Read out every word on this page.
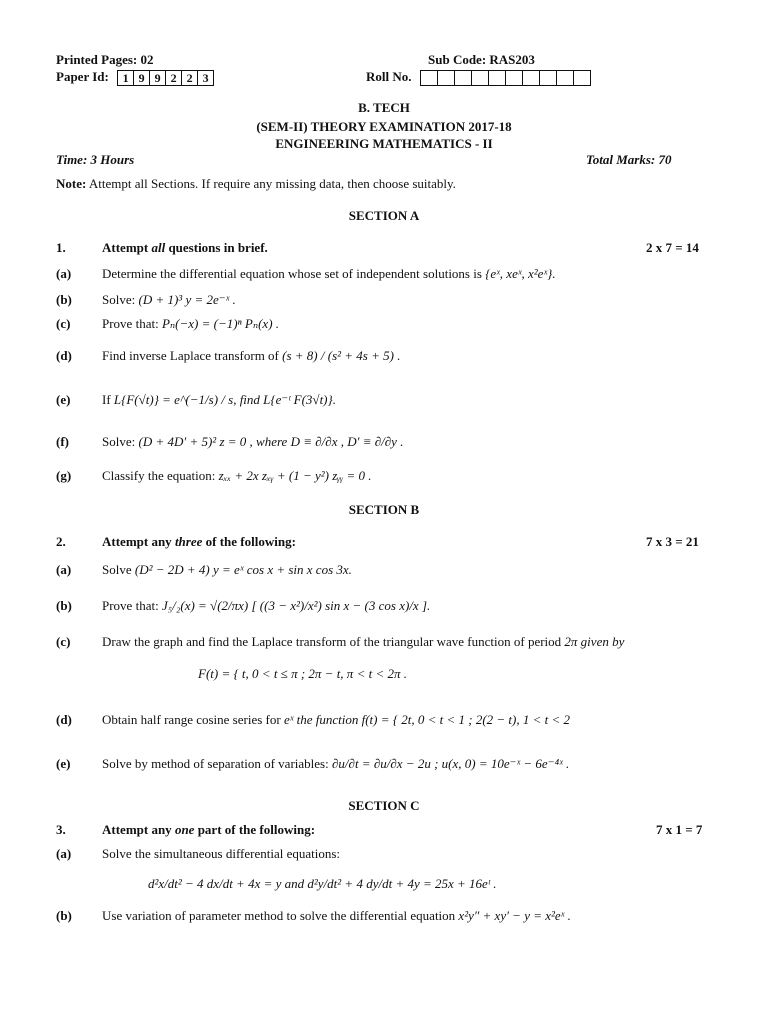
Printed Pages: 02	Sub Code: RAS203
Paper Id:	1 9 9 2 2 3	Roll No.
B. TECH
(SEM-II) THEORY EXAMINATION 2017-18
ENGINEERING MATHEMATICS - II
Time: 3 Hours	Total Marks: 70
Note: Attempt all Sections. If require any missing data, then choose suitably.
SECTION A
1.	Attempt all questions in brief.	2 x 7 = 14
(a) Determine the differential equation whose set of independent solutions is {eˣ, xeˣ, x²eˣ}.
(b) Solve: (D + 1)³ y = 2e⁻ˣ .
(c) Prove that: Pₙ(−x) = (−1)ⁿ Pₙ(x) .
(d) Find inverse Laplace transform of (s + 8) / (s² + 4s + 5) .
(e) If L{F(√t)} = e^(−1/s) / s, find L{e⁻ᵗ F(3√t)}.
(f)	Solve: (D + 4D′ + 5)² z = 0 , where D ≡ ∂/∂x , D′ ≡ ∂/∂y .
(g) Classify the equation: zₓₓ + 2x zₓᵧ + (1 − y²) zᵧᵧ = 0 .
SECTION B
2.	Attempt any three of the following:	7 x 3 = 21
(a) Solve (D² − 2D + 4) y = eˣ cos x + sin x cos 3x.
(b) Prove that: J₅/₂(x) = √(2/πx) [ ((3 − x²)/x²) sin x − (3 cos x)/x ].
(c) Draw the graph and find the Laplace transform of the triangular wave function of period 2π given by
F(t) = { t, 0 < t ≤ π ; 2π − t, π < t < 2π .
(d) Obtain half range cosine series for eˣ the function f(t) = { 2t, 0 < t < 1 ; 2(2 − t), 1 < t < 2
(e) Solve by method of separation of variables: ∂u/∂t = ∂u/∂x − 2u ; u(x, 0) = 10e⁻ˣ − 6e⁻⁴ˣ .
SECTION C
3.	Attempt any one part of the following:	7 x 1 = 7
(a) Solve the simultaneous differential equations:
d²x/dt² − 4 dx/dt + 4x = y and d²y/dt² + 4 dy/dt + 4y = 25x + 16eᵗ .
(b) Use variation of parameter method to solve the differential equation x²y″ + xy′ − y = x²eˣ .
